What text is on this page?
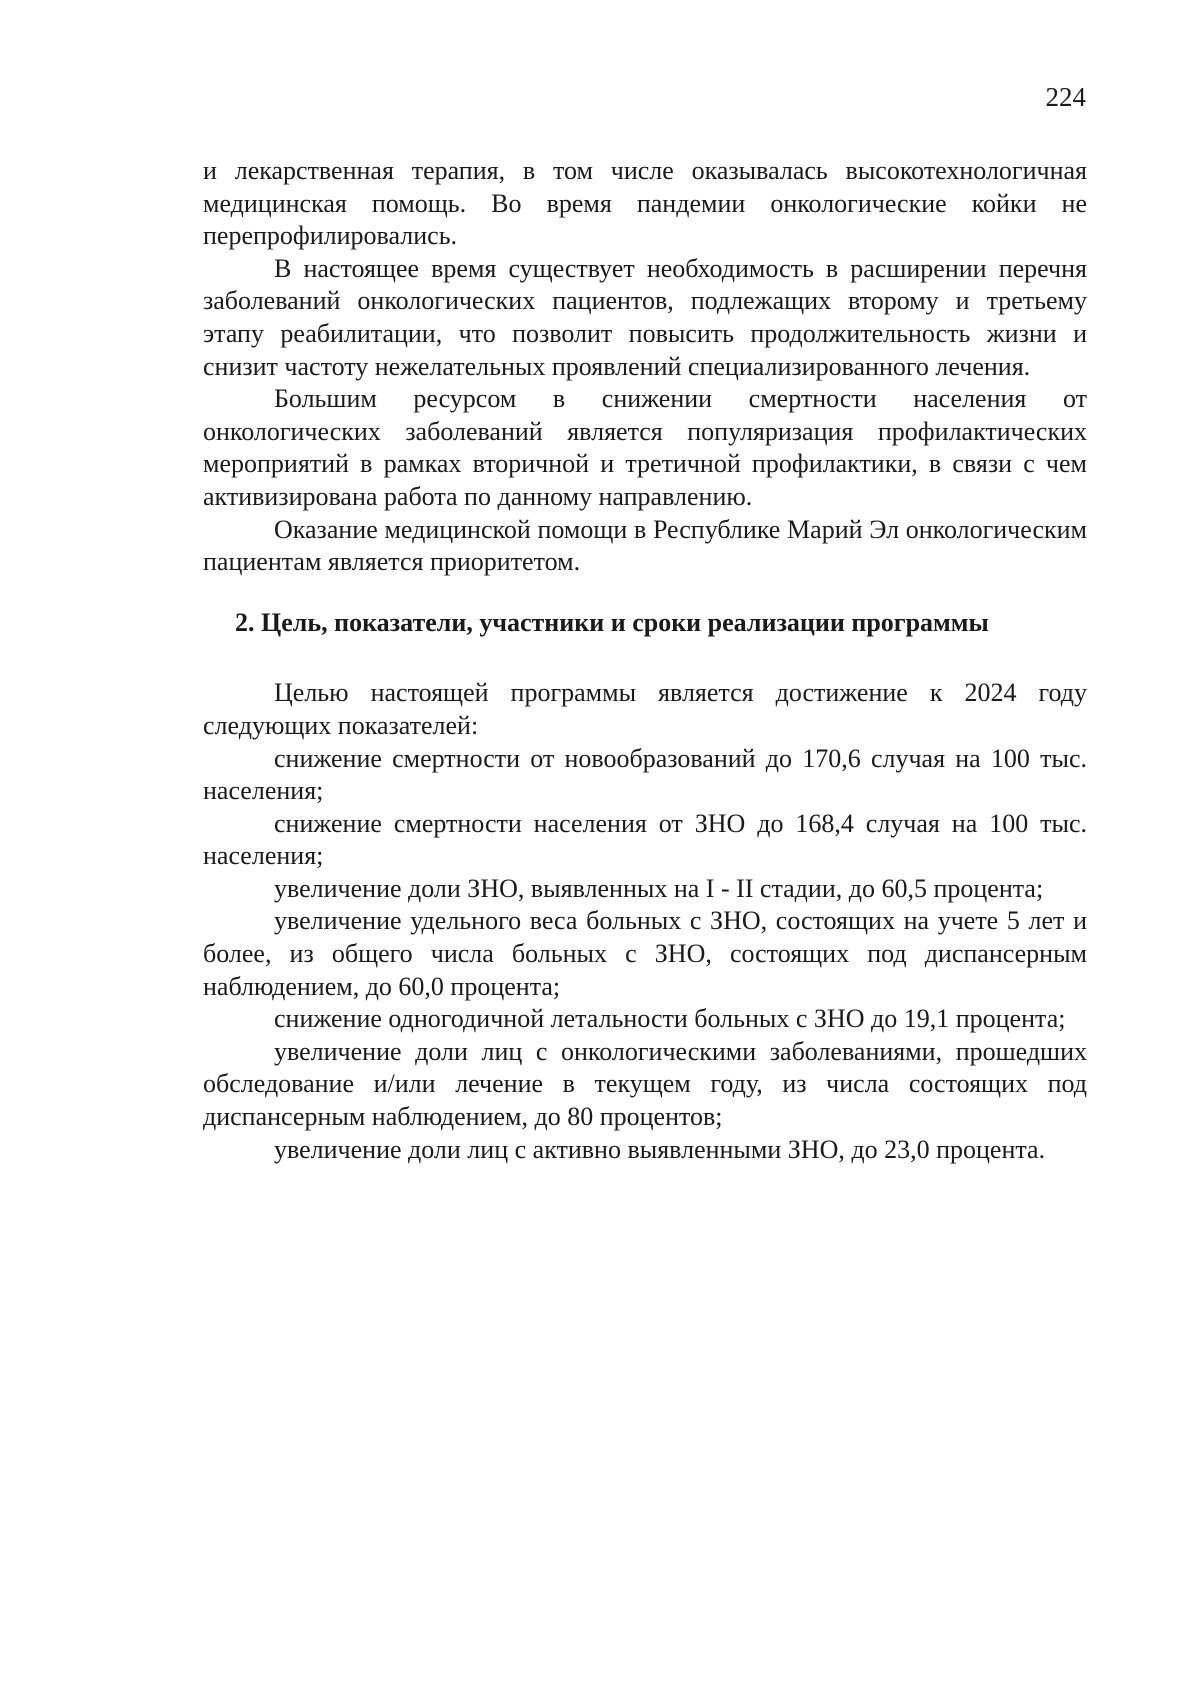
224

и лекарственная терапия, в том числе оказывалась высокотехнологичная медицинская помощь. Во время пандемии онкологические койки не перепрофилировались.

В настоящее время существует необходимость в расширении перечня заболеваний онкологических пациентов, подлежащих второму и третьему этапу реабилитации, что позволит повысить продолжительность жизни и снизит частоту нежелательных проявлений специализированного лечения.

Большим ресурсом в снижении смертности населения от онкологических заболеваний является популяризация профилактических мероприятий в рамках вторичной и третичной профилактики, в связи с чем активизирована работа по данному направлению.

Оказание медицинской помощи в Республике Марий Эл онкологическим пациентам является приоритетом.

2. Цель, показатели, участники и сроки реализации программы

Целью настоящей программы является достижение к 2024 году следующих показателей:

снижение смертности от новообразований до 170,6 случая на 100 тыс. населения;

снижение смертности населения от ЗНО до 168,4 случая на 100 тыс. населения;

увеличение доли ЗНО, выявленных на I - II стадии, до 60,5 процента;

увеличение удельного веса больных с ЗНО, состоящих на учете 5 лет и более, из общего числа больных с ЗНО, состоящих под диспансерным наблюдением, до 60,0 процента;

снижение одногодичной летальности больных с ЗНО до 19,1 процента;

увеличение доли лиц с онкологическими заболеваниями, прошедших обследование и/или лечение в текущем году, из числа состоящих под диспансерным наблюдением, до 80 процентов;

увеличение доли лиц с активно выявленными ЗНО, до 23,0 процента.
